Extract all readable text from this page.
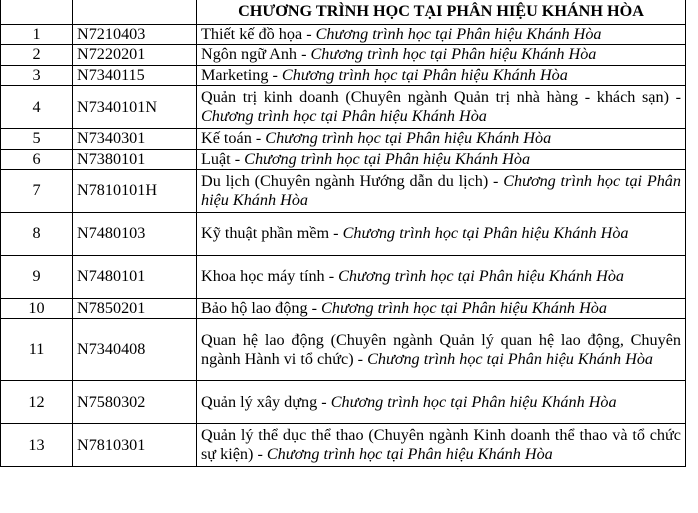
		CHƯƠNG TRÌNH HỌC TẠI PHÂN HIỆU KHÁNH HÒA
1	N7210403	Thiết kế đồ họa - Chương trình học tại Phân hiệu Khánh Hòa
2	N7220201	Ngôn ngữ Anh - Chương trình học tại Phân hiệu Khánh Hòa
3	N7340115	Marketing - Chương trình học tại Phân hiệu Khánh Hòa
4	N7340101N	Quản trị kinh doanh (Chuyên ngành Quản trị nhà hàng - khách sạn) - Chương trình học tại Phân hiệu Khánh Hòa
5	N7340301	Kế toán - Chương trình học tại Phân hiệu Khánh Hòa
6	N7380101	Luật - Chương trình học tại Phân hiệu Khánh Hòa
7	N7810101H	Du lịch (Chuyên ngành Hướng dẫn du lịch) - Chương trình học tại Phân hiệu Khánh Hòa
8	N7480103	Kỹ thuật phần mềm - Chương trình học tại Phân hiệu Khánh Hòa
9	N7480101	Khoa học máy tính - Chương trình học tại Phân hiệu Khánh Hòa
10	N7850201	Bảo hộ lao động - Chương trình học tại Phân hiệu Khánh Hòa
11	N7340408	Quan hệ lao động (Chuyên ngành Quản lý quan hệ lao động, Chuyên ngành Hành vi tổ chức) - Chương trình học tại Phân hiệu Khánh Hòa
12	N7580302	Quản lý xây dựng - Chương trình học tại Phân hiệu Khánh Hòa
13	N7810301	Quản lý thể dục thể thao (Chuyên ngành Kinh doanh thể thao và tổ chức sự kiện) - Chương trình học tại Phân hiệu Khánh Hòa
